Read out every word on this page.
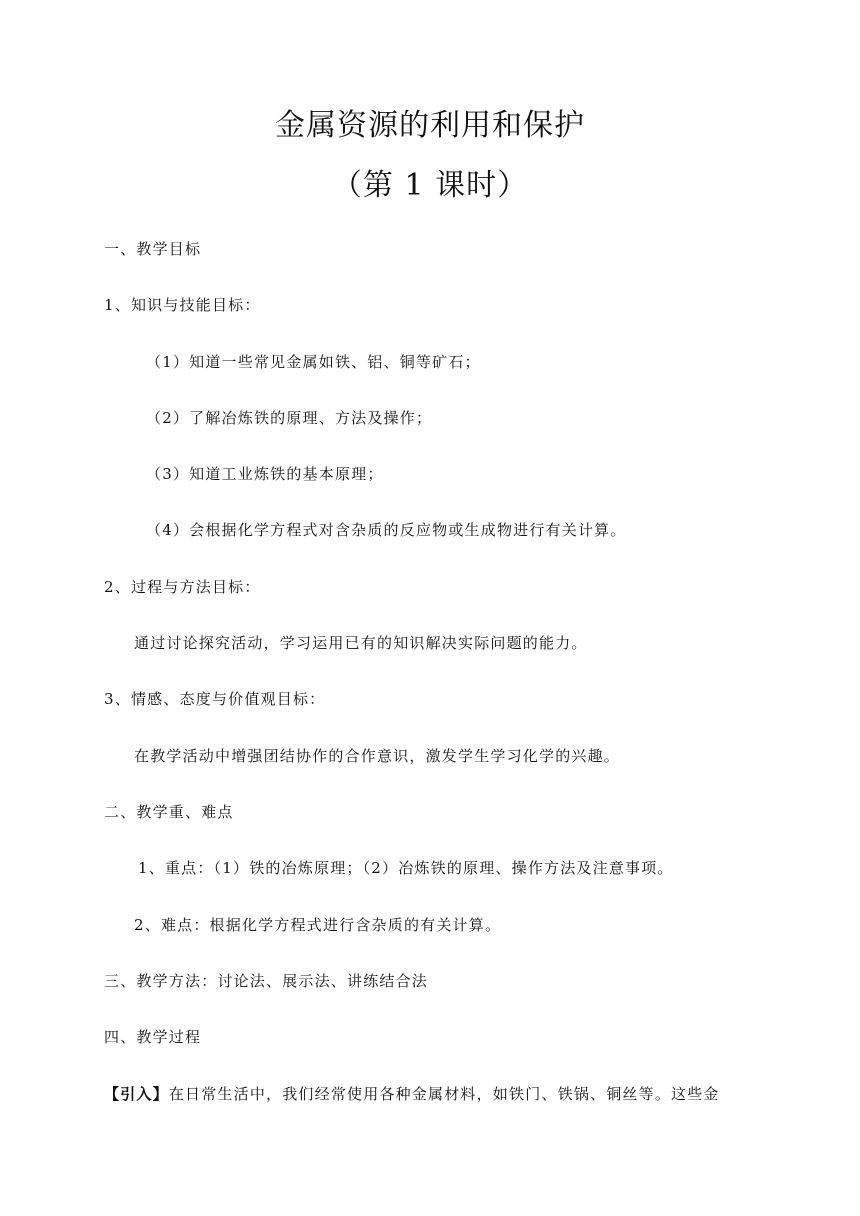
金属资源的利用和保护
（第 1 课时）
一、教学目标
1、知识与技能目标：
（1）知道一些常见金属如铁、铝、铜等矿石；
（2）了解冶炼铁的原理、方法及操作；
（3）知道工业炼铁的基本原理；
（4）会根据化学方程式对含杂质的反应物或生成物进行有关计算。
2、过程与方法目标：
通过讨论探究活动，学习运用已有的知识解决实际问题的能力。
3、情感、态度与价值观目标：
在教学活动中增强团结协作的合作意识，激发学生学习化学的兴趣。
二、教学重、难点
1、重点：（1）铁的冶炼原理；（2）冶炼铁的原理、操作方法及注意事项。
2、难点：根据化学方程式进行含杂质的有关计算。
三、教学方法：讨论法、展示法、讲练结合法
四、教学过程
【引入】在日常生活中，我们经常使用各种金属材料，如铁门、铁锅、铜丝等。这些金
